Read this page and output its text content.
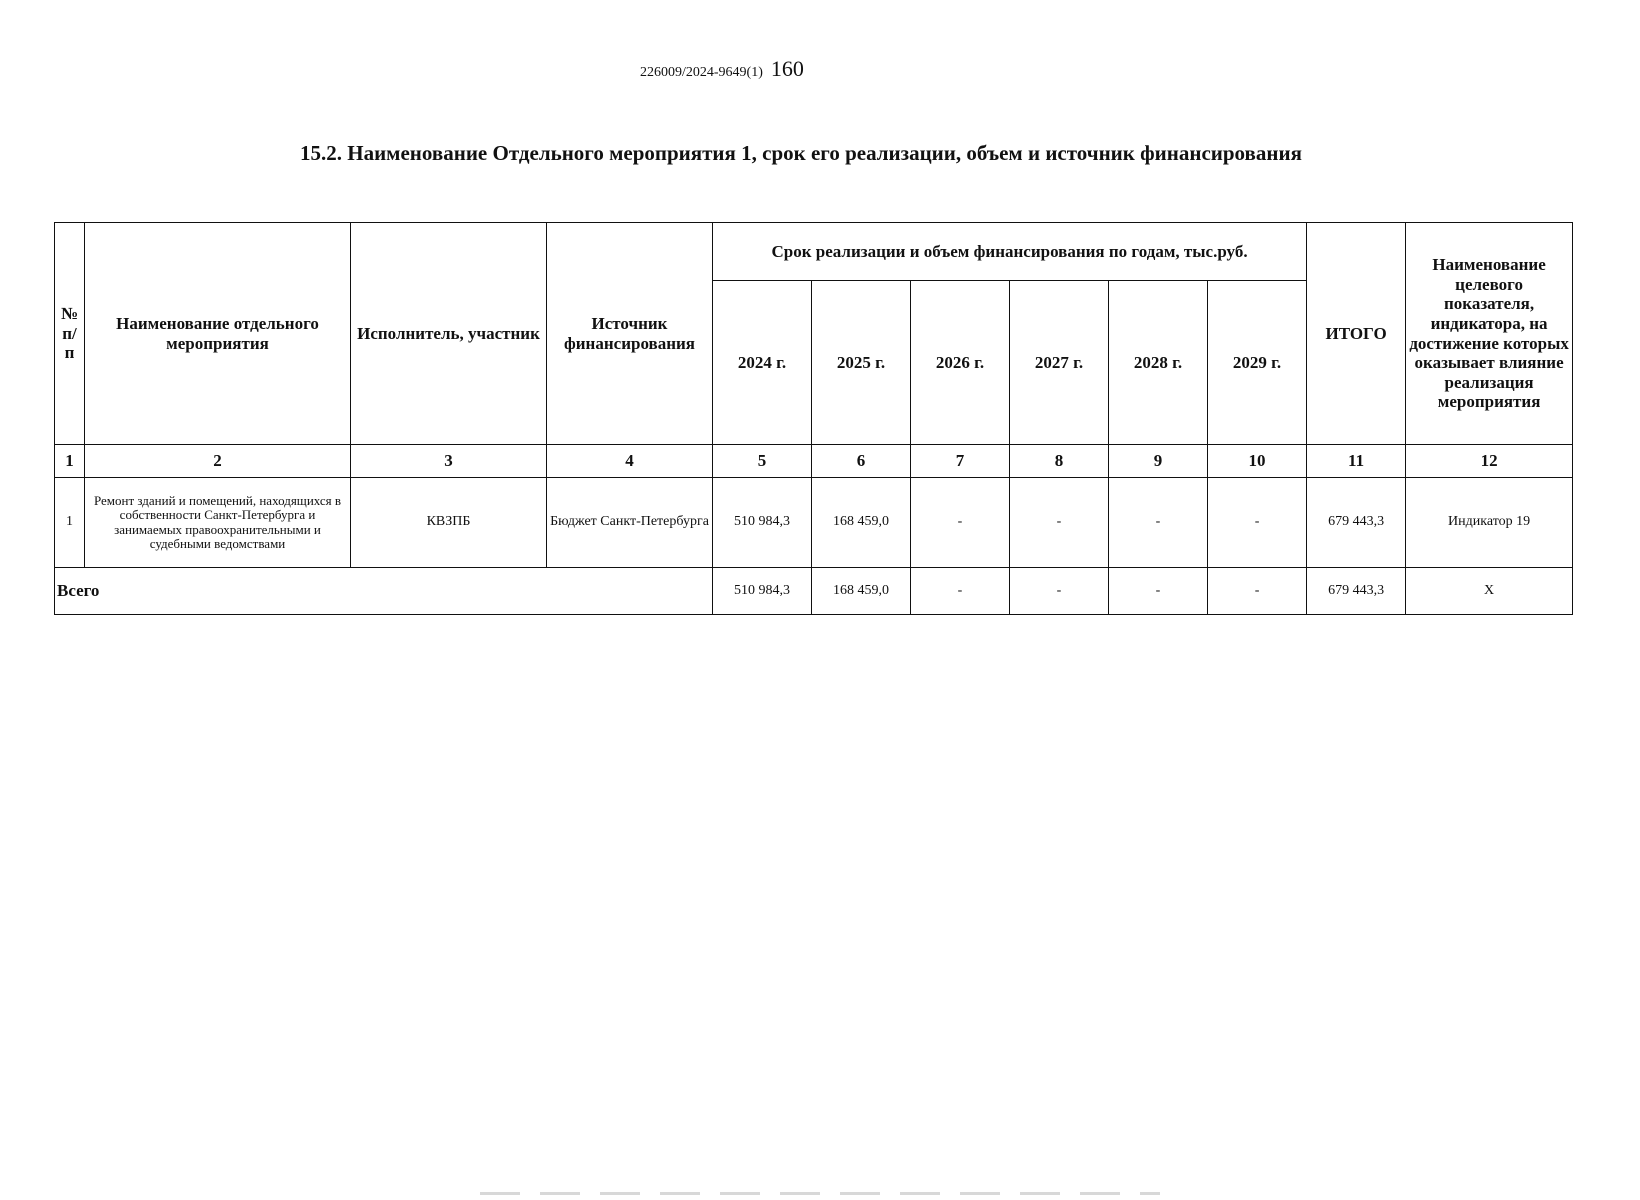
226009/2024-9649(1) 160
15.2. Наименование Отдельного мероприятия 1, срок его реализации, объем и источник финансирования
№ п/п	Наименование отдельного мероприятия	Исполнитель, участник	Источник финансирования	Срок реализации и объем финансирования по годам, тыс.руб.						ИТОГО	Наименование целевого показателя, индикатора, на достижение которых оказывает влияние реализация мероприятия
				2024 г.	2025 г.	2026 г.	2027 г.	2028 г.	2029 г.		
1	2	3	4	5	6	7	8	9	10	11	12
1	Ремонт зданий и помещений, находящихся в собственности Санкт-Петербурга и занимаемых правоохранительными и судебными ведомствами	КВЗПБ	Бюджет Санкт-Петербурга	510 984,3	168 459,0	-	-	-	-	679 443,3	Индикатор 19
Всего				510 984,3	168 459,0	-	-	-	-	679 443,3	X
